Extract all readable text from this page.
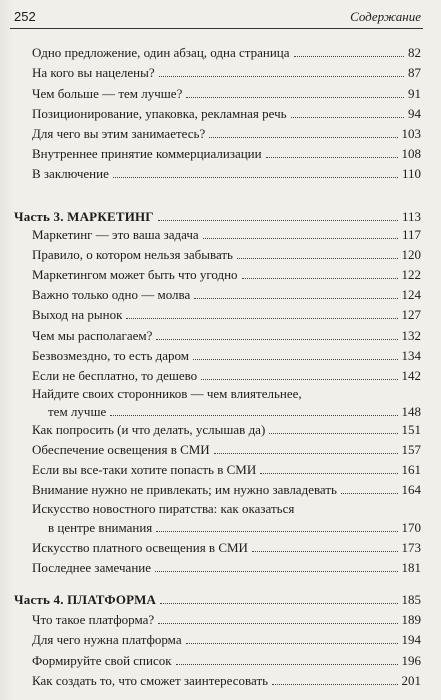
252	Содержание
Одно предложение, один абзац, одна страница	82
На кого вы нацелены?	87
Чем больше — тем лучше?	91
Позиционирование, упаковка, рекламная речь	94
Для чего вы этим занимаетесь?	103
Внутреннее принятие коммерциализации	108
В заключение	110
Часть 3. МАРКЕТИНГ	113
Маркетинг — это ваша задача	117
Правило, о котором нельзя забывать	120
Маркетингом может быть что угодно	122
Важно только одно — молва	124
Выход на рынок	127
Чем мы располагаем?	132
Безвозмездно, то есть даром	134
Если не бесплатно, то дешево	142
Найдите своих сторонников — чем влиятельнее,
тем лучше	148
Как попросить (и что делать, услышав да)	151
Обеспечение освещения в СМИ	157
Если вы все-таки хотите попасть в СМИ	161
Внимание нужно не привлекать; им нужно завладевать	164
Искусство новостного пиратства: как оказаться
в центре внимания	170
Искусство платного освещения в СМИ	173
Последнее замечание	181
Часть 4. ПЛАТФОРМА	185
Что такое платформа?	189
Для чего нужна платформа	194
Формируйте свой список	196
Как создать то, что сможет заинтересовать	201
